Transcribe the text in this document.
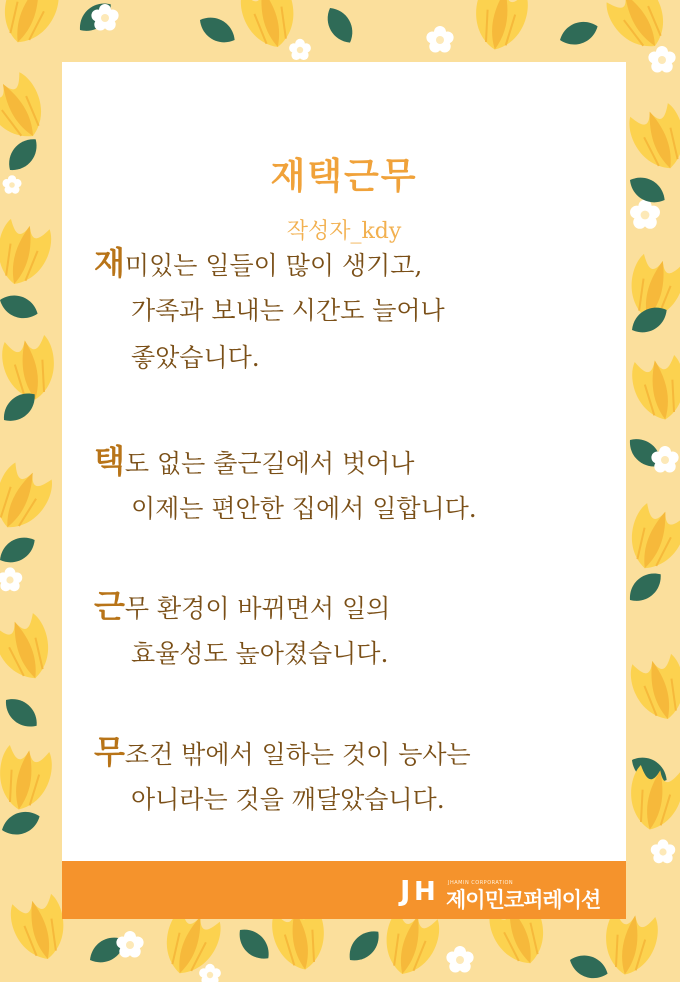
재택근무
작성자_kdy
재미있는 일들이 많이 생기고,
가족과 보내는 시간도 늘어나
좋았습니다.
택도 없는 출근길에서 벗어나
이제는 편안한 집에서 일합니다.
근무 환경이 바뀌면서 일의
효율성도 높아졌습니다.
무조건 밖에서 일하는 것이 능사는
아니라는 것을 깨달았습니다.
J H JHAMIN CORPORATION
제이민코퍼레이션
